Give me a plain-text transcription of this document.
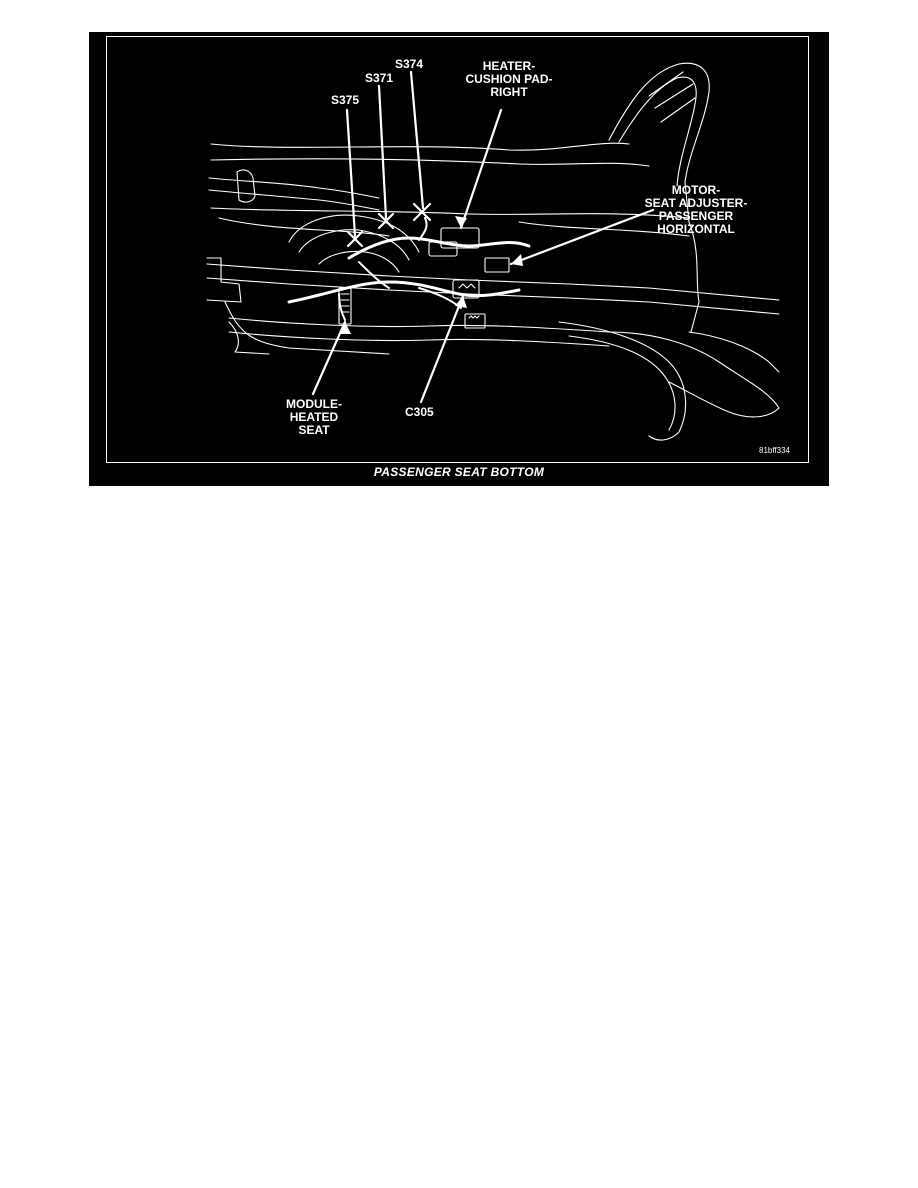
S374
S371
S375
HEATER-
CUSHION PAD-
RIGHT
MOTOR-
SEAT ADJUSTER-
PASSENGER
HORIZONTAL
MODULE-
HEATED
SEAT
C305
81bff334
PASSENGER SEAT BOTTOM
